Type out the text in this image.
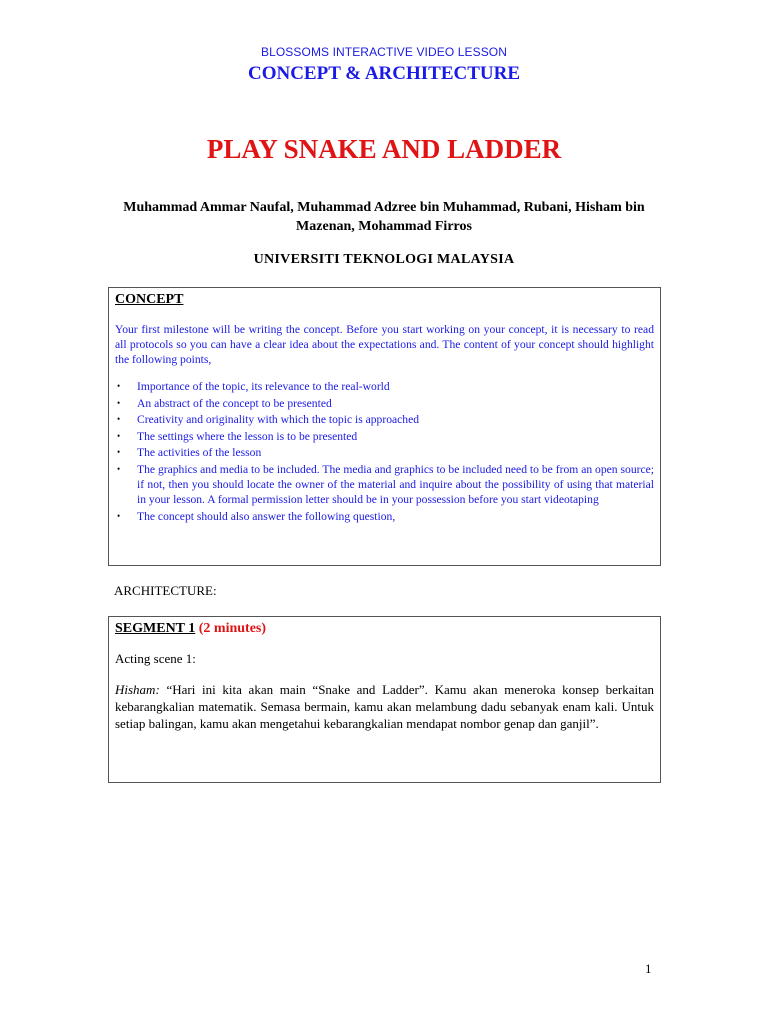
BLOSSOMS INTERACTIVE VIDEO LESSON
CONCEPT & ARCHITECTURE
PLAY SNAKE AND LADDER
Muhammad Ammar Naufal, Muhammad Adzree bin Muhammad, Rubani, Hisham bin Mazenan, Mohammad Firros
UNIVERSITI TEKNOLOGI MALAYSIA
CONCEPT
Your first milestone will be writing the concept. Before you start working on your concept, it is necessary to read all protocols so you can have a clear idea about the expectations and. The content of your concept should highlight the following points,
• Importance of the topic, its relevance to the real-world
• An abstract of the concept to be presented
• Creativity and originality with which the topic is approached
• The settings where the lesson is to be presented
• The activities of the lesson
• The graphics and media to be included. The media and graphics to be included need to be from an open source; if not, then you should locate the owner of the material and inquire about the possibility of using that material in your lesson. A formal permission letter should be in your possession before you start videotaping
• The concept should also answer the following question,
ARCHITECTURE:
SEGMENT 1 (2 minutes)
Acting scene 1:
Hisham: “Hari ini kita akan main “Snake and Ladder”. Kamu akan meneroka konsep berkaitan kebarangkalian matematik. Semasa bermain, kamu akan melambung dadu sebanyak enam kali. Untuk setiap balingan, kamu akan mengetahui kebarangkalian mendapat nombor genap dan ganjil”.
1
